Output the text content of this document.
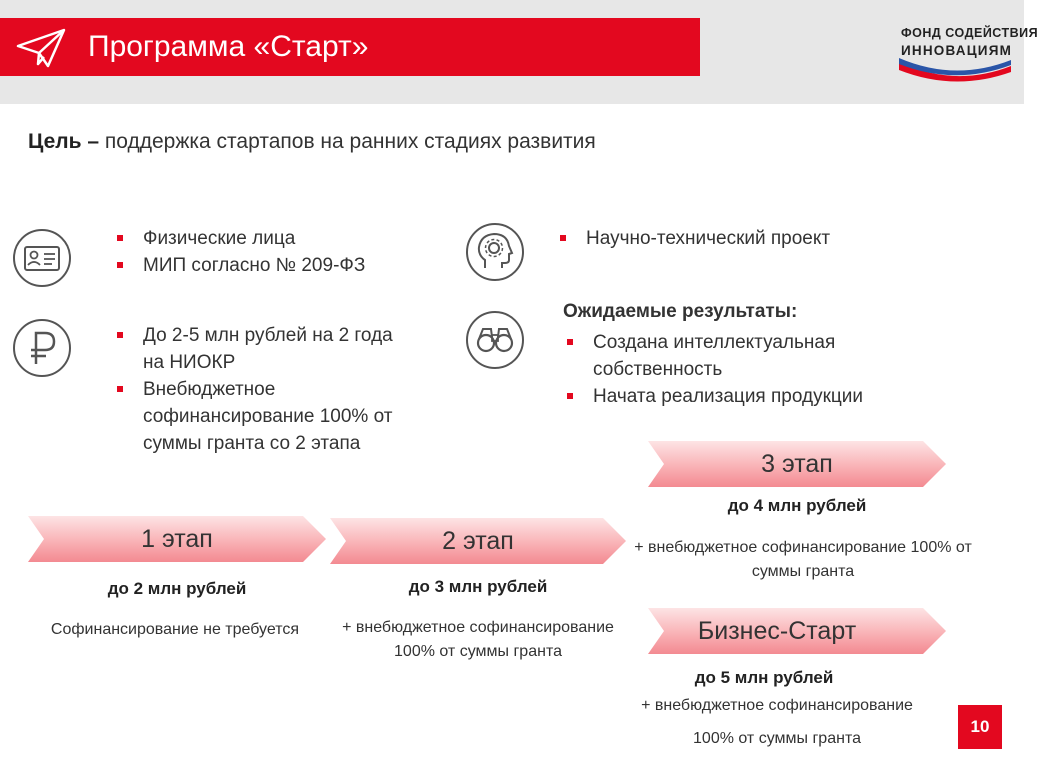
Программа «Старт»	ФОНД СОДЕЙСТВИЯ
ИННОВАЦИЯМ
Цель – поддержка стартапов на ранних стадиях развития
Физические лица
МИП согласно № 209-ФЗ
До 2-5 млн рублей на 2 года на НИОКР
Внебюджетное софинансирование 100% от суммы гранта со 2 этапа
Научно-технический проект
Ожидаемые результаты:
Создана интеллектуальная собственность
Начата реализация продукции
1 этап
до 2 млн рублей
Софинансирование не требуется
2 этап
до 3 млн рублей
+ внебюджетное софинансирование 100% от суммы гранта
3 этап
до 4 млн рублей
+ внебюджетное софинансирование 100% от суммы гранта
Бизнес-Старт
до 5 млн рублей
+ внебюджетное софинансирование
100% от суммы гранта
10
